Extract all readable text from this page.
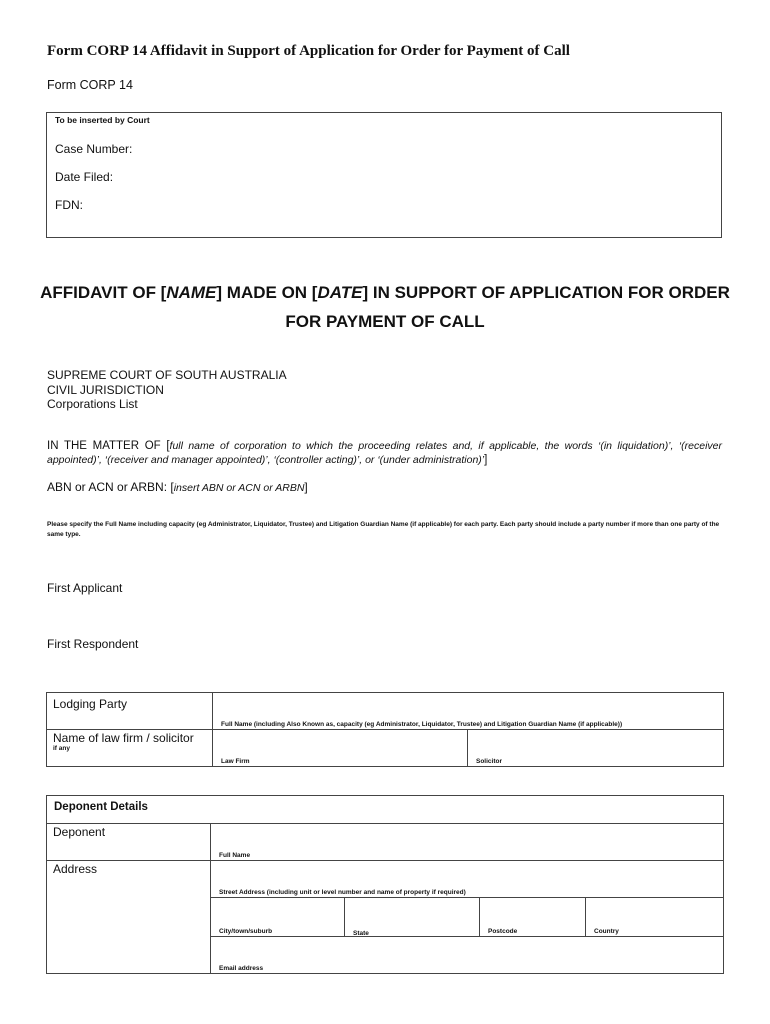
Form CORP 14 Affidavit in Support of Application for Order for Payment of Call
Form CORP 14
To be inserted by Court
Case Number:
Date Filed:
FDN:
AFFIDAVIT OF [NAME] MADE ON [DATE] IN SUPPORT OF APPLICATION FOR ORDER FOR PAYMENT OF CALL
SUPREME COURT OF SOUTH AUSTRALIA
CIVIL JURISDICTION
Corporations List
IN THE MATTER OF [full name of corporation to which the proceeding relates and, if applicable, the words ‘(in liquidation)’, ‘(receiver appointed)’, ‘(receiver and manager appointed)’, ‘(controller acting)’, or ‘(under administration)’]
ABN or ACN or ARBN: [insert ABN or ACN or ARBN]
Please specify the Full Name including capacity (eg Administrator, Liquidator, Trustee) and Litigation Guardian Name (if applicable) for each party. Each party should include a party number if more than one party of the same type.
First Applicant
First Respondent
Lodging Party	Full Name (including Also Known as, capacity (eg Administrator, Liquidator, Trustee) and Litigation Guardian Name (if applicable))	

Name of law firm / solicitor
if any	Law Firm	Solicitor
Deponent Details				

Deponent	Full Name			

Address	Street Address (including unit or level number and name of property if required)			

	City/town/suburb	State	Postcode	Country

	Email address			
